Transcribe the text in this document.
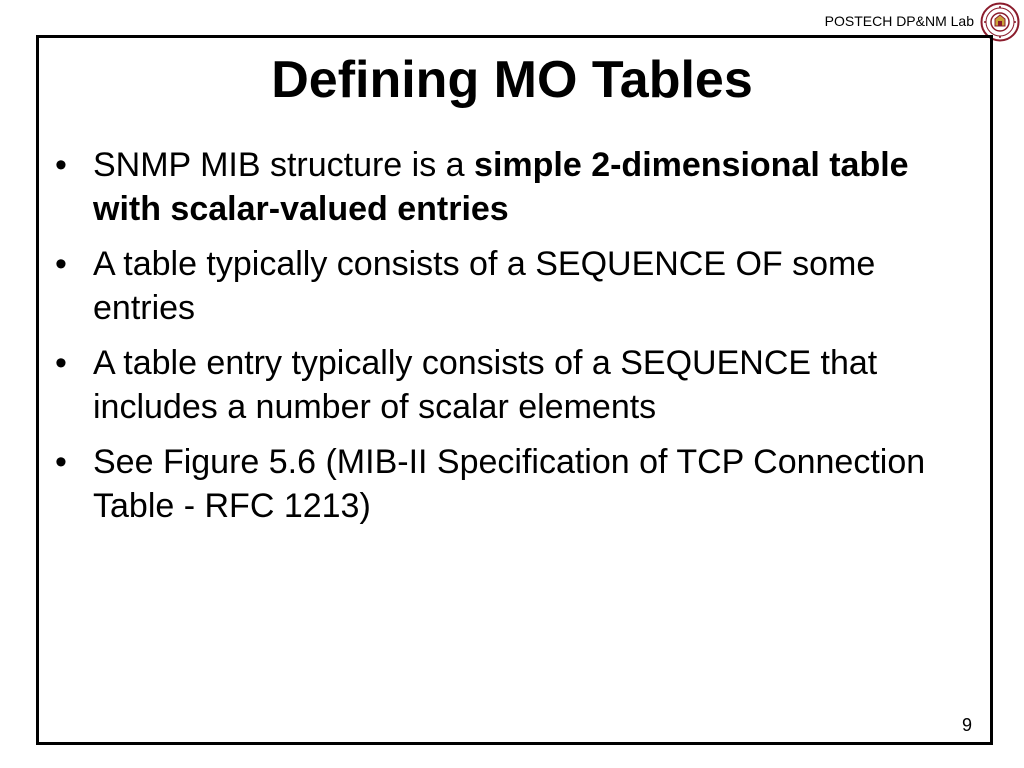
POSTECH DP&NM Lab
Defining MO Tables
• SNMP MIB structure is a simple 2-dimensional table with scalar-valued entries
• A table typically consists of a SEQUENCE OF some entries
• A table entry typically consists of a SEQUENCE that includes a number of scalar elements
• See Figure 5.6 (MIB-II Specification of TCP Connection Table - RFC 1213)
9
